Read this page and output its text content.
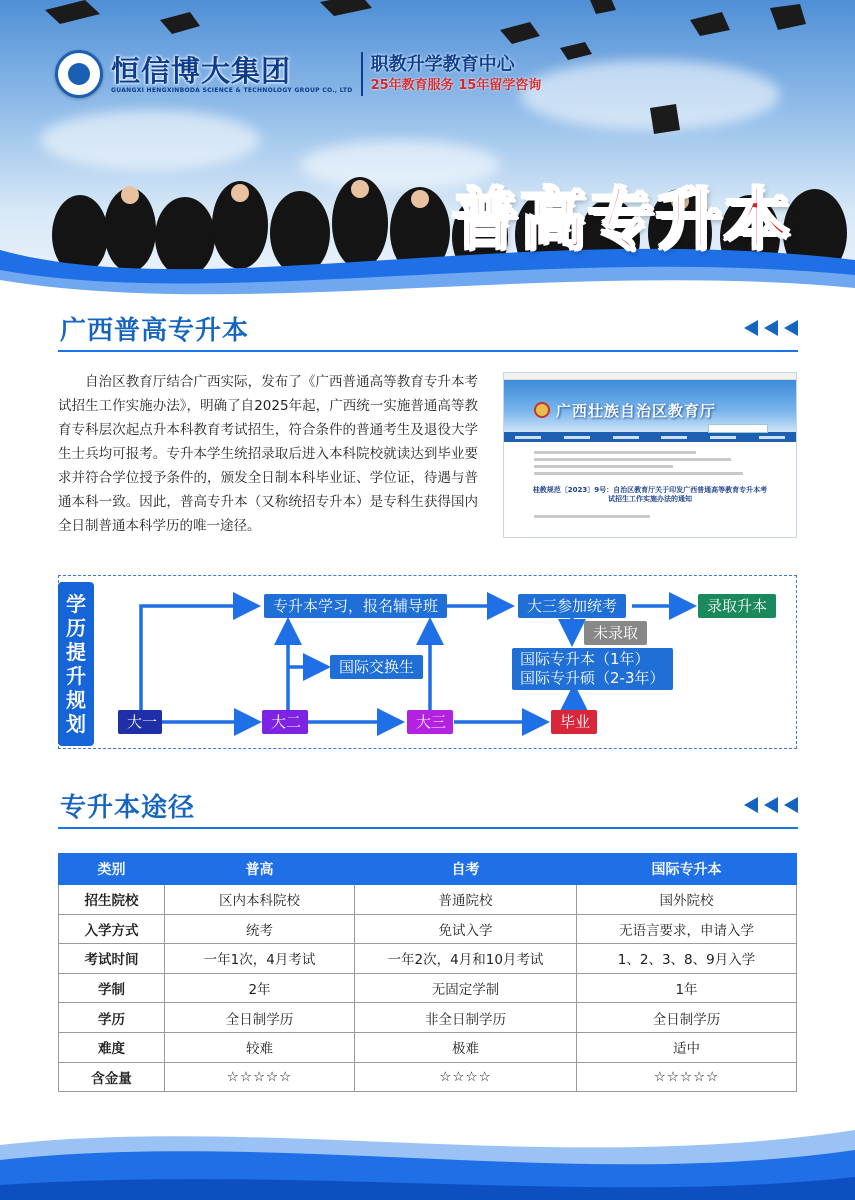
恒信博大集团
GUANGXI HENGXINBODA SCIENCE & TECHNOLOGY GROUP CO., LTD
职教升学教育中心
25年教育服务 15年留学咨询
普高专升本
广西普高专升本
自治区教育厅结合广西实际，发布了《广西普通高等教育专升本考试招生工作实施办法》，明确了自2025年起，广西统一实施普通高等教育专科层次起点升本科教育考试招生，符合条件的普通考生及退役大学生士兵均可报考。专升本学生统招录取后进入本科院校就读达到毕业要求并符合学位授予条件的，颁发全日制本科毕业证、学位证，待遇与普通本科一致。因此，普高专升本（又称统招专升本）是专科生获得国内全日制普通本科学历的唯一途径。
广西壮族自治区教育厅
桂教规范〔2023〕9号：自治区教育厅关于印发广西普通高等教育专升本考试招生工作实施办法的通知
学
历
提
升
规
划
专升本学习，报名辅导班
国际交换生
大三参加统考	录取升本
未录取
国际专升本（1年）
国际专升硕（2-3年）
大一	大二	大三	毕业
专升本途径
类别	普高	自考	国际专升本
招生院校	区内本科院校	普通院校	国外院校
入学方式	统考	免试入学	无语言要求，申请入学
考试时间	一年1次，4月考试	一年2次，4月和10月考试	1、2、3、8、9月入学
学制	2年	无固定学制	1年
学历	全日制学历	非全日制学历	全日制学历
难度	较难	极难	适中
含金量	☆☆☆☆☆	☆☆☆☆	☆☆☆☆☆
